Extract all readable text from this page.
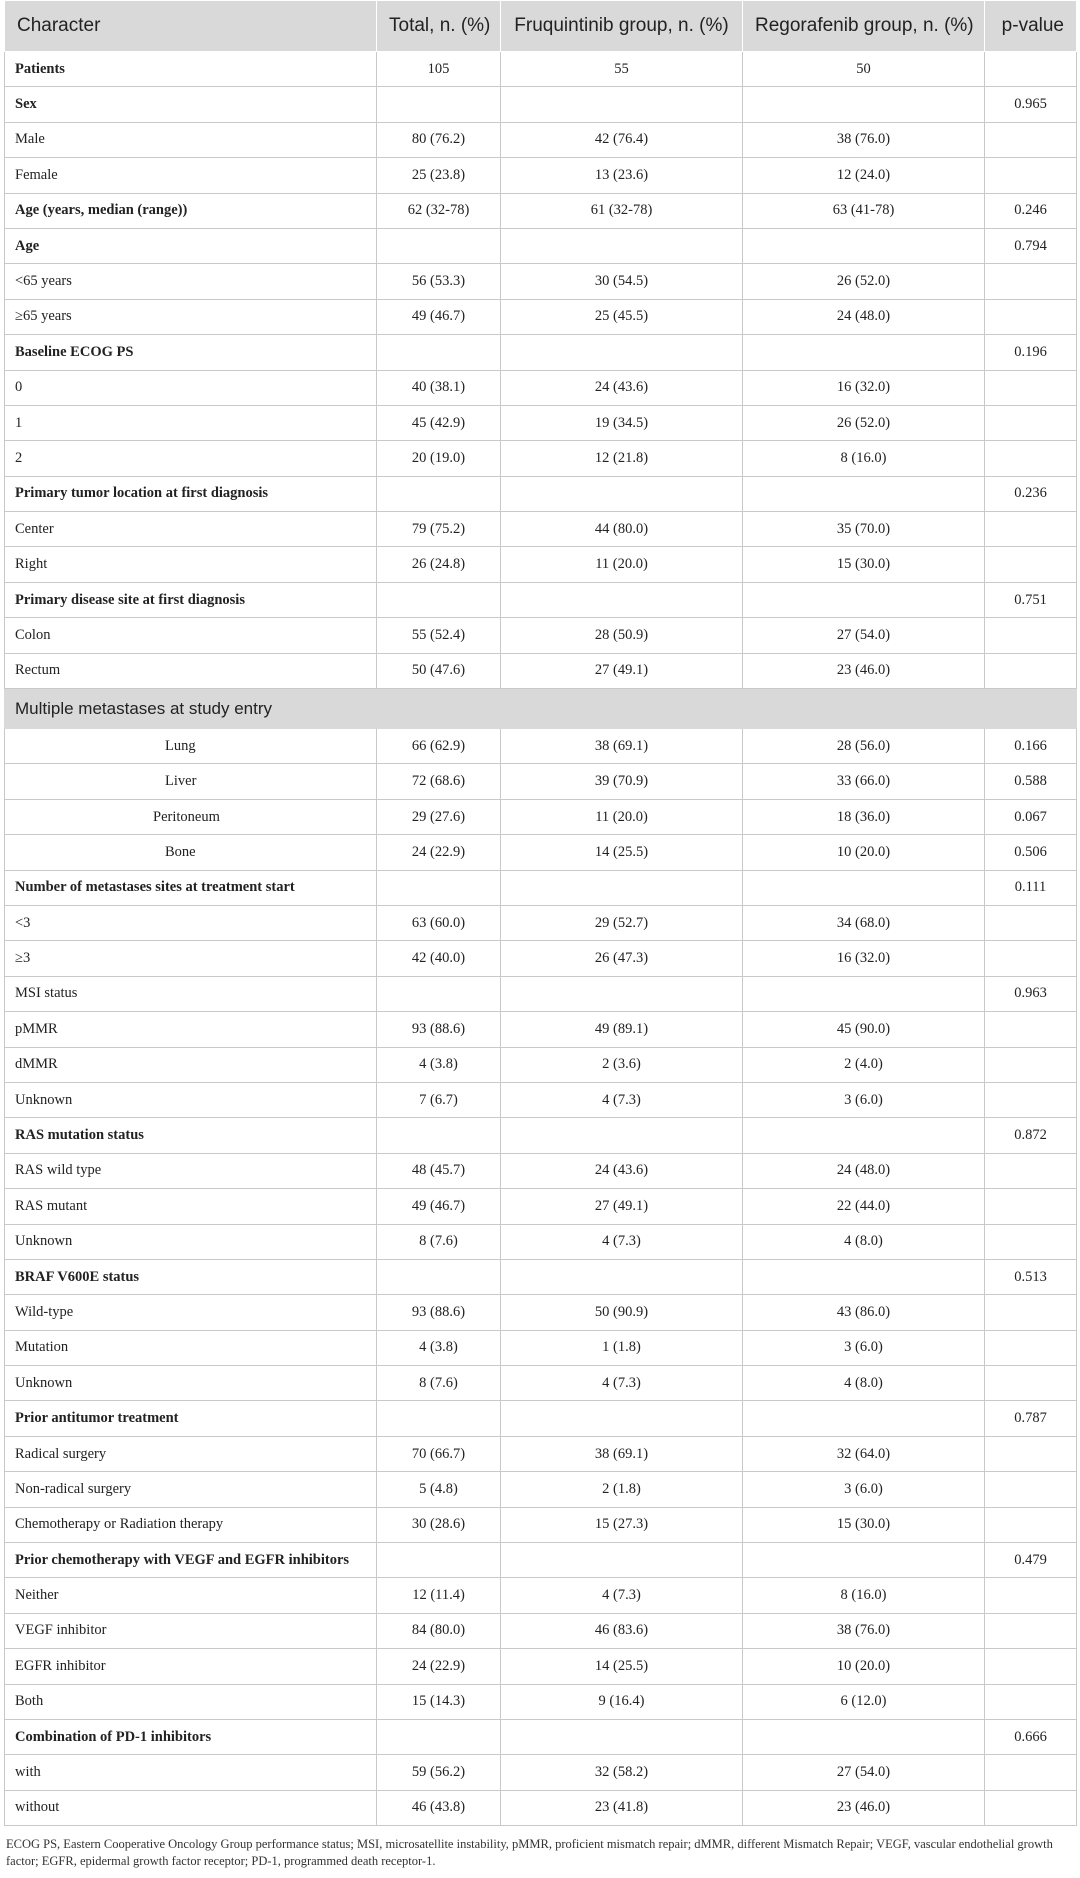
Character	Total, n. (%)	Fruquintinib group, n. (%)	Regorafenib group, n. (%)	p-value
Patients	105	55	50	
Sex				0.965
Male	80 (76.2)	42 (76.4)	38 (76.0)	
Female	25 (23.8)	13 (23.6)	12 (24.0)	
Age (years, median (range))	62 (32-78)	61 (32-78)	63 (41-78)	0.246
Age				0.794
<65 years	56 (53.3)	30 (54.5)	26 (52.0)	
≥65 years	49 (46.7)	25 (45.5)	24 (48.0)	
Baseline ECOG PS				0.196
0	40 (38.1)	24 (43.6)	16 (32.0)	
1	45 (42.9)	19 (34.5)	26 (52.0)	
2	20 (19.0)	12 (21.8)	8 (16.0)	
Primary tumor location at first diagnosis				0.236
Center	79 (75.2)	44 (80.0)	35 (70.0)	
Right	26 (24.8)	11 (20.0)	15 (30.0)	
Primary disease site at first diagnosis				0.751
Colon	55 (52.4)	28 (50.9)	27 (54.0)	
Rectum	50 (47.6)	27 (49.1)	23 (46.0)	
Multiple metastases at study entry				
Lung	66 (62.9)	38 (69.1)	28 (56.0)	0.166
Liver	72 (68.6)	39 (70.9)	33 (66.0)	0.588
Peritoneum	29 (27.6)	11 (20.0)	18 (36.0)	0.067
Bone	24 (22.9)	14 (25.5)	10 (20.0)	0.506
Number of metastases sites at treatment start				0.111
<3	63 (60.0)	29 (52.7)	34 (68.0)	
≥3	42 (40.0)	26 (47.3)	16 (32.0)	
MSI status				0.963
pMMR	93 (88.6)	49 (89.1)	45 (90.0)	
dMMR	4 (3.8)	2 (3.6)	2 (4.0)	
Unknown	7 (6.7)	4 (7.3)	3 (6.0)	
RAS mutation status				0.872
RAS wild type	48 (45.7)	24 (43.6)	24 (48.0)	
RAS mutant	49 (46.7)	27 (49.1)	22 (44.0)	
Unknown	8 (7.6)	4 (7.3)	4 (8.0)	
BRAF V600E status				0.513
Wild-type	93 (88.6)	50 (90.9)	43 (86.0)	
Mutation	4 (3.8)	1 (1.8)	3 (6.0)	
Unknown	8 (7.6)	4 (7.3)	4 (8.0)	
Prior antitumor treatment				0.787
Radical surgery	70 (66.7)	38 (69.1)	32 (64.0)	
Non-radical surgery	5 (4.8)	2 (1.8)	3 (6.0)	
Chemotherapy or Radiation therapy	30 (28.6)	15 (27.3)	15 (30.0)	
Prior chemotherapy with VEGF and EGFR inhibitors				0.479
Neither	12 (11.4)	4 (7.3)	8 (16.0)	
VEGF inhibitor	84 (80.0)	46 (83.6)	38 (76.0)	
EGFR inhibitor	24 (22.9)	14 (25.5)	10 (20.0)	
Both	15 (14.3)	9 (16.4)	6 (12.0)	
Combination of PD-1 inhibitors				0.666
with	59 (56.2)	32 (58.2)	27 (54.0)	
without	46 (43.8)	23 (41.8)	23 (46.0)	
ECOG PS, Eastern Cooperative Oncology Group performance status; MSI, microsatellite instability, pMMR, proficient mismatch repair; dMMR, different Mismatch Repair; VEGF, vascular endothelial growth factor; EGFR, epidermal growth factor receptor; PD-1, programmed death receptor-1.
